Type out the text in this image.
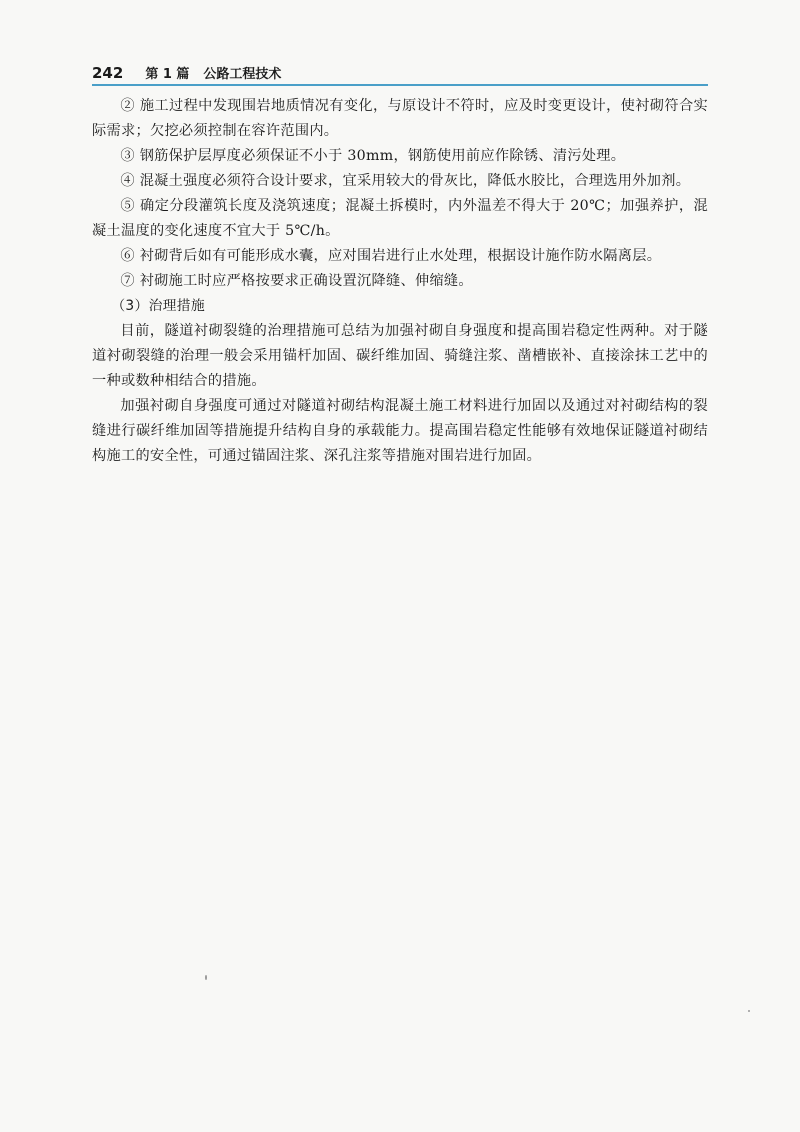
242 第 1 篇 公路工程技术

② 施工过程中发现围岩地质情况有变化，与原设计不符时，应及时变更设计，使衬砌符合实际需求；欠挖必须控制在容许范围内。

③ 钢筋保护层厚度必须保证不小于 30mm，钢筋使用前应作除锈、清污处理。

④ 混凝土强度必须符合设计要求，宜采用较大的骨灰比，降低水胶比，合理选用外加剂。

⑤ 确定分段灌筑长度及浇筑速度；混凝土拆模时，内外温差不得大于 20℃；加强养护，混凝土温度的变化速度不宜大于 5℃/h。

⑥ 衬砌背后如有可能形成水囊，应对围岩进行止水处理，根据设计施作防水隔离层。

⑦ 衬砌施工时应严格按要求正确设置沉降缝、伸缩缝。

（3）治理措施

目前，隧道衬砌裂缝的治理措施可总结为加强衬砌自身强度和提高围岩稳定性两种。对于隧道衬砌裂缝的治理一般会采用锚杆加固、碳纤维加固、骑缝注浆、凿槽嵌补、直接涂抹工艺中的一种或数种相结合的措施。

加强衬砌自身强度可通过对隧道衬砌结构混凝土施工材料进行加固以及通过对衬砌结构的裂缝进行碳纤维加固等措施提升结构自身的承载能力。提高围岩稳定性能够有效地保证隧道衬砌结构施工的安全性，可通过锚固注浆、深孔注浆等措施对围岩进行加固。
